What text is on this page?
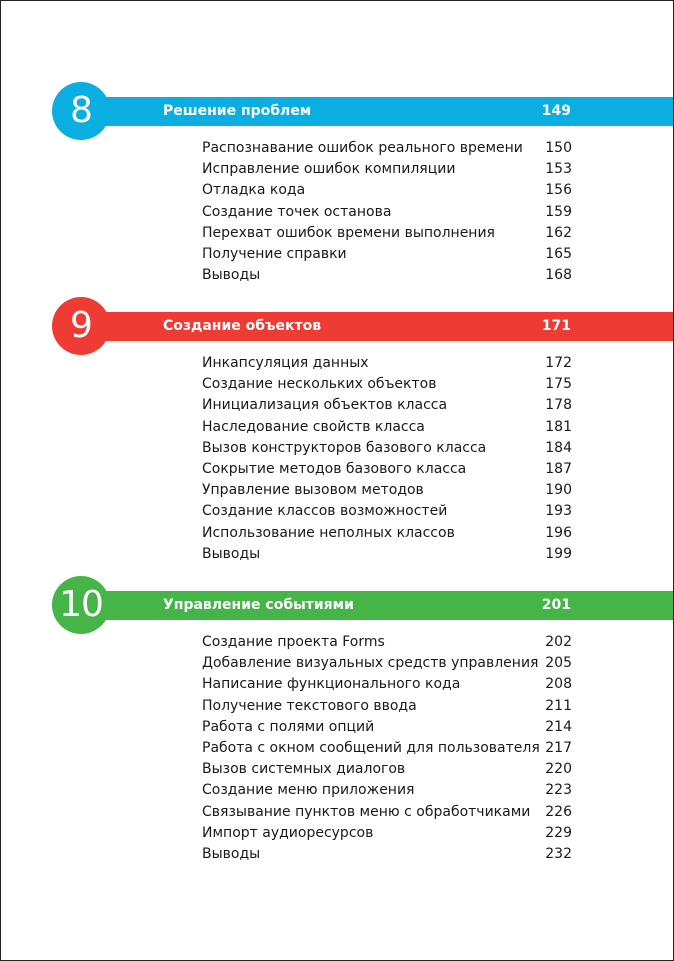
8	Решение проблем	149
Распознавание ошибок реального времени 150
Исправление ошибок компиляции	153
Отладка кода	156
Создание точек останова	159
Перехват ошибок времени выполнения	162
Получение справки	165
Выводы	168
9	Создание объектов	171
Инкапсуляция данных	172
Создание нескольких объектов	175
Инициализация объектов класса	178
Наследование свойств класса	181
Вызов конструкторов базового класса	184
Сокрытие методов базового класса	187
Управление вызовом методов	190
Создание классов возможностей	193
Использование неполных классов	196
Выводы	199
10	Управление событиями	201
Создание проекта Forms	202
Добавление визуальных средств управления 205
Написание функционального кода	208
Получение текстового ввода	211
Работа с полями опций	214
Работа с окном сообщений для пользователя 217
Вызов системных диалогов	220
Создание меню приложения	223
Связывание пунктов меню с обработчиками 226
Импорт аудиоресурсов	229
Выводы	232
